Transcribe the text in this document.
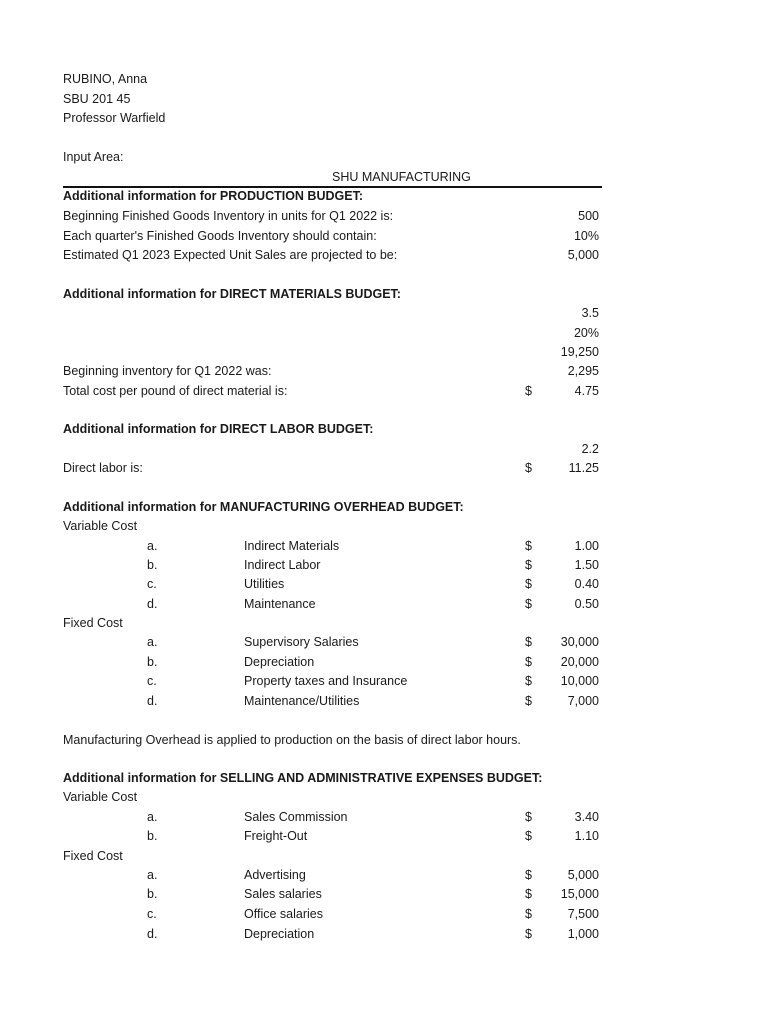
RUBINO, Anna
SBU 201 45
Professor Warfield
Input Area:
SHU MANUFACTURING
Additional information for PRODUCTION BUDGET:
Beginning Finished Goods Inventory in units for Q1 2022 is:	500
Each quarter's Finished Goods Inventory should contain:	10%
Estimated Q1 2023 Expected Unit Sales are projected to be:	5,000
Additional information for DIRECT MATERIALS BUDGET:
3.5
20%
19,250
Beginning inventory for Q1 2022 was:	2,295
Total cost per pound of direct material is:	$	4.75
Additional information for DIRECT LABOR BUDGET:
2.2
Direct labor is:	$	11.25
Additional information for MANUFACTURING OVERHEAD BUDGET:
Variable Cost
a.	Indirect Materials	$	1.00
b.	Indirect Labor	$	1.50
c.	Utilities	$	0.40
d.	Maintenance	$	0.50
Fixed Cost
a.	Supervisory Salaries	$	30,000
b.	Depreciation	$	20,000
c.	Property taxes and Insurance	$	10,000
d.	Maintenance/Utilities	$	7,000
Manufacturing Overhead is applied to production on the basis of direct labor hours.
Additional information for SELLING AND ADMINISTRATIVE EXPENSES BUDGET:
Variable Cost
a.	Sales Commission	$	3.40
b.	Freight-Out	$	1.10
Fixed Cost
a.	Advertising	$	5,000
b.	Sales salaries	$	15,000
c.	Office salaries	$	7,500
d.	Depreciation	$	1,000
